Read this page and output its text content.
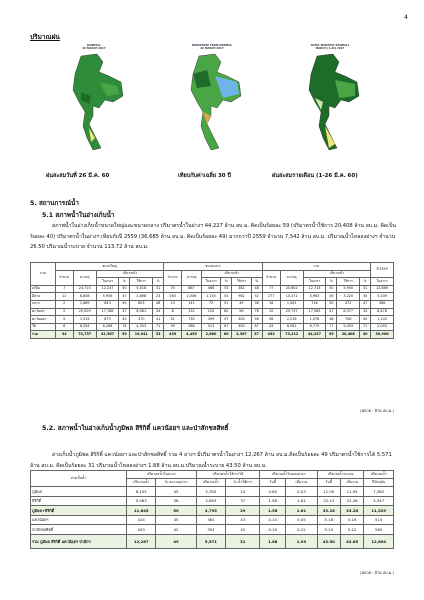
4
ปริมาณฝน
RAINFALL
26 MARCH 2017
DEPARTURE FROM NORMAL
26 MARCH 2017
TOTAL MONTHLY RAINFALL
MARCH (1-26) 2017
ฝนสะสมวันที่ 26 มี.ค. 60	เทียบกับค่าเฉลี่ย 30 ปี	ฝนสะสมรายเดือน (1-26 มี.ค. 60)
5. สถานการณ์น้ำ
5.1 สภาพน้ำในอ่างเก็บน้ำ
สภาพน้ำในอ่างเก็บน้ำขนาดใหญ่และขนาดกลาง ปริมาตรน้ำในอ่างฯ 44,227 ล้าน ลบ.ม. คิดเป็นร้อยละ 59 (ปริมาตรน้ำใช้การ 20,408 ล้าน ลบ.ม. คิดเป็นร้อยละ 40) ปริมาตรน้ำในอ่างฯ เทียบกับปี 2559 (36,685 ล้าน ลบ.ม. คิดเป็นร้อยละ 49) มากกว่าปี 2559 จำนวน 7,542 ล้าน ลบ.ม. ปริมาณน้ำไหลลงอ่างฯ จำนวน 26.50 ปริมาณน้ำระบาย จำนวน 113.72 ล้าน ลบ.ม.
ภาค	ขนาดใหญ่						ขนาดกลาง						รวม						ปี 2559
	จำนวน	ความจุ	ปริมาณน้ำ				จำนวน	ความจุ	ปริมาณน้ำ				จำนวน	ความจุ	ปริมาณน้ำ				
			ในอ่างฯ	%	ใช้การ	%			ในอ่างฯ	%	ใช้การ	%			ในอ่างฯ	%	ใช้การ	%	ในอ่างฯ
เหนือ	7	24,715	12,247	50	5,518	31	70	887	466	53	382	48	77	25,602	12,713	50	5,900	31	12,889
อีสาน	12	8,808	5,958	47	2,898	23	263	2,006	1,155	55	962	52	277	10,372	5,963	49	3,220	30	5,209
กลาง	2	1,869	643	49	603	46	13	141	72	51	49	36	16	1,061	716	50	472	47	386
ตะวันตก	2	29,009	17,788	47	8,081	34	8	132	105	80	96	76	10	29,737	17,983	47	8,377	34	8,878
ตะวันออก	5	1,515	673	43	370	41	51	735	399	57	300	56	56	2,218	1,078	48	706	45	1,143
ใต้	6	8,594	6,266	74	4,353	71	39	388	313	87	400	87	43	8,982	6,779	77	5,053	71	2,003
รวม	34	70,757	41,567	59	19,041	33	439	4,455	2,660	60	2,367	57	452	73,212	44,227	59	20,408	40	30,908
(หน่วย : ล้าน ลบ.ม.)
5.2. สภาพน้ำในอ่างเก็บน้ำภูมิพล สิริกิติ์ แควน้อยฯ และป่าสักชลสิทธิ์
อ่างเก็บน้ำภูมิพล สิริกิติ์ แควน้อยฯ และป่าสักชลสิทธิ์ รวม 4 อ่างฯ มีปริมาตรน้ำในอ่างฯ 12,267 ล้าน ลบ.ม.คิดเป็นร้อยละ 49 ปริมาตรน้ำใช้การได้ 5,571 ล้าน ลบ.ม. คิดเป็นร้อยละ 31 ปริมาณน้ำไหลลงอ่างฯ 1.88 ล้าน ลบ.ม.ปริมาณน้ำระบาย 43.50 ล้าน ลบ.ม.
อ่างเก็บน้ำ	ปริมาตรน้ำในอ่างฯ		ปริมาตรน้ำใช้การได้		ปริมาณน้ำไหลลงอ่างฯ		ปริมาณน้ำระบาย		ปริมาณน้ำ
	ปริมาณน้ำ	% ความจุอ่างฯ	ปริมาณน้ำ	% น้ำใช้การ	วันนี้	เมื่อวาน	วันนี้	เมื่อวาน	ปีปัจจุบัน
ภูมิพล	6,105	45	2,305	24	0.65	0.03	11.05	11.95	7,362
สิริกิติ์	5,563	56	2,693	37	1.56	1.61	22.13	22.26	4,347
ภูมิพล+สิริกิติ์	11,645	50	4,795	29	1.56	1.61	33.18	33.28	11,529
แควน้อยฯ	424	45	381	43	0.14	0.05	5.18	5.16	515
ป่าสักชลสิทธิ์	403	42	397	42	0.19	0.22	5.15	5.22	565
รวม ภูมิพล สิริกิติ์ แควน้อยฯ ป่าสักฯ	12,267	49	5,571	31	1.88	1.93	43.50	43.65	12,604
(หน่วย : ล้าน ลบ.ม.)
